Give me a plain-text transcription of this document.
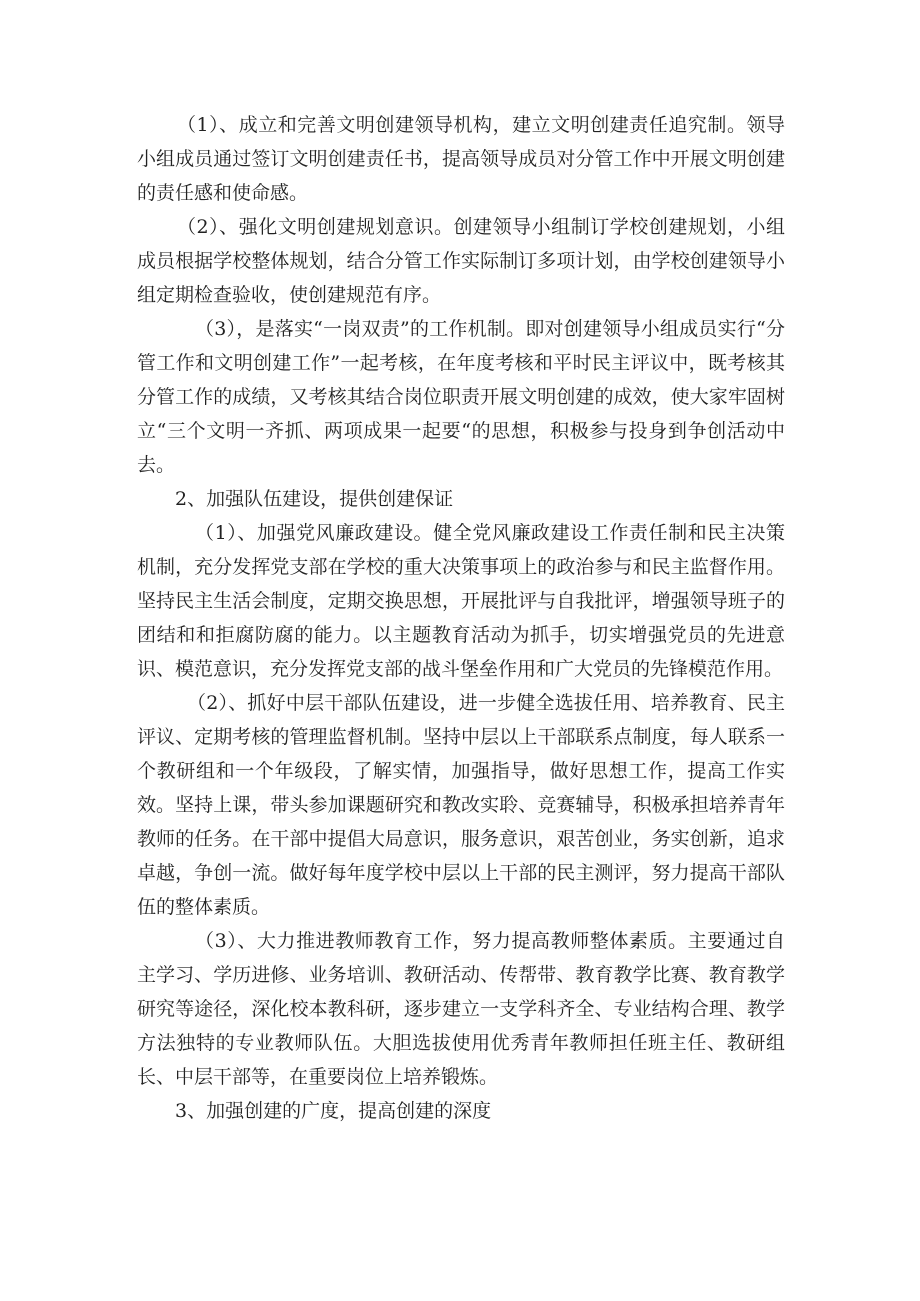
（1）、成立和完善文明创建领导机构，建立文明创建责任追究制。领导小组成员通过签订文明创建责任书，提高领导成员对分管工作中开展文明创建的责任感和使命感。

（2）、强化文明创建规划意识。创建领导小组制订学校创建规划，小组成员根据学校整体规划，结合分管工作实际制订多项计划，由学校创建领导小组定期检查验收，使创建规范有序。

（3），是落实“一岗双责”的工作机制。即对创建领导小组成员实行“分管工作和文明创建工作”一起考核，在年度考核和平时民主评议中，既考核其分管工作的成绩，又考核其结合岗位职责开展文明创建的成效，使大家牢固树立“三个文明一齐抓、两项成果一起要“的思想，积极参与投身到争创活动中去。

2、加强队伍建设，提供创建保证

（1）、加强党风廉政建设。健全党风廉政建设工作责任制和民主决策机制，充分发挥党支部在学校的重大决策事项上的政治参与和民主监督作用。坚持民主生活会制度，定期交换思想，开展批评与自我批评，增强领导班子的团结和和拒腐防腐的能力。以主题教育活动为抓手，切实增强党员的先进意识、模范意识，充分发挥党支部的战斗堡垒作用和广大党员的先锋模范作用。

（2）、抓好中层干部队伍建设，进一步健全选拔任用、培养教育、民主评议、定期考核的管理监督机制。坚持中层以上干部联系点制度，每人联系一个教研组和一个年级段，了解实情，加强指导，做好思想工作，提高工作实效。坚持上课，带头参加课题研究和教改实聆、竞赛辅导，积极承担培养青年教师的任务。在干部中提倡大局意识，服务意识，艰苦创业，务实创新，追求卓越，争创一流。做好每年度学校中层以上干部的民主测评，努力提高干部队伍的整体素质。

（3）、大力推进教师教育工作，努力提高教师整体素质。主要通过自主学习、学历进修、业务培训、教研活动、传帮带、教育教学比赛、教育教学研究等途径，深化校本教科研，逐步建立一支学科齐全、专业结构合理、教学方法独特的专业教师队伍。大胆选拔使用优秀青年教师担任班主任、教研组长、中层干部等，在重要岗位上培养锻炼。

3、加强创建的广度，提高创建的深度
